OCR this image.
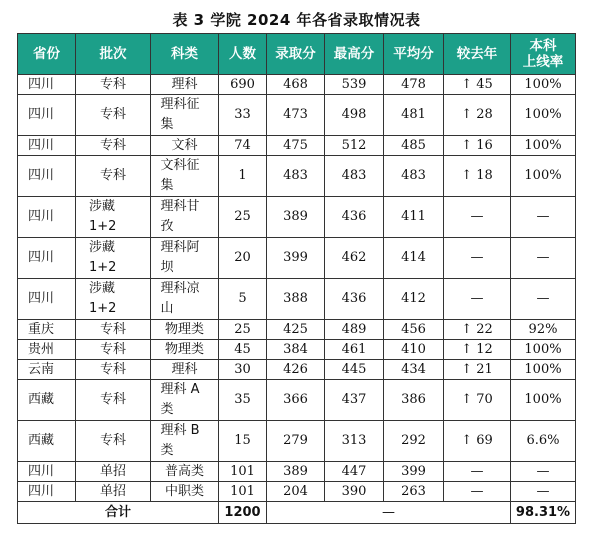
表 3 学院 2024 年各省录取情况表
省份	批次	科类	人数	录取分	最高分	平均分	较去年	本科
上线率
四川	专科	理科	690	468	539	478	↑ 45	100%
四川	专科	理科征集	33	473	498	481	↑ 28	100%
四川	专科	文科	74	475	512	485	↑ 16	100%
四川	专科	文科征集	1	483	483	483	↑ 18	100%
四川	涉藏 1+2	理科甘孜	25	389	436	411	—	—
四川	涉藏 1+2	理科阿坝	20	399	462	414	—	—
四川	涉藏 1+2	理科凉山	5	388	436	412	—	—
重庆	专科	物理类	25	425	489	456	↑ 22	92%
贵州	专科	物理类	45	384	461	410	↑ 12	100%
云南	专科	理科	30	426	445	434	↑ 21	100%
西藏	专科	理科 A 类	35	366	437	386	↑ 70	100%
西藏	专科	理科 B 类	15	279	313	292	↑ 69	6.6%
四川	单招	普高类	101	389	447	399	—	—
四川	单招	中职类	101	204	390	263	—	—
合计			1200	—				98.31%
